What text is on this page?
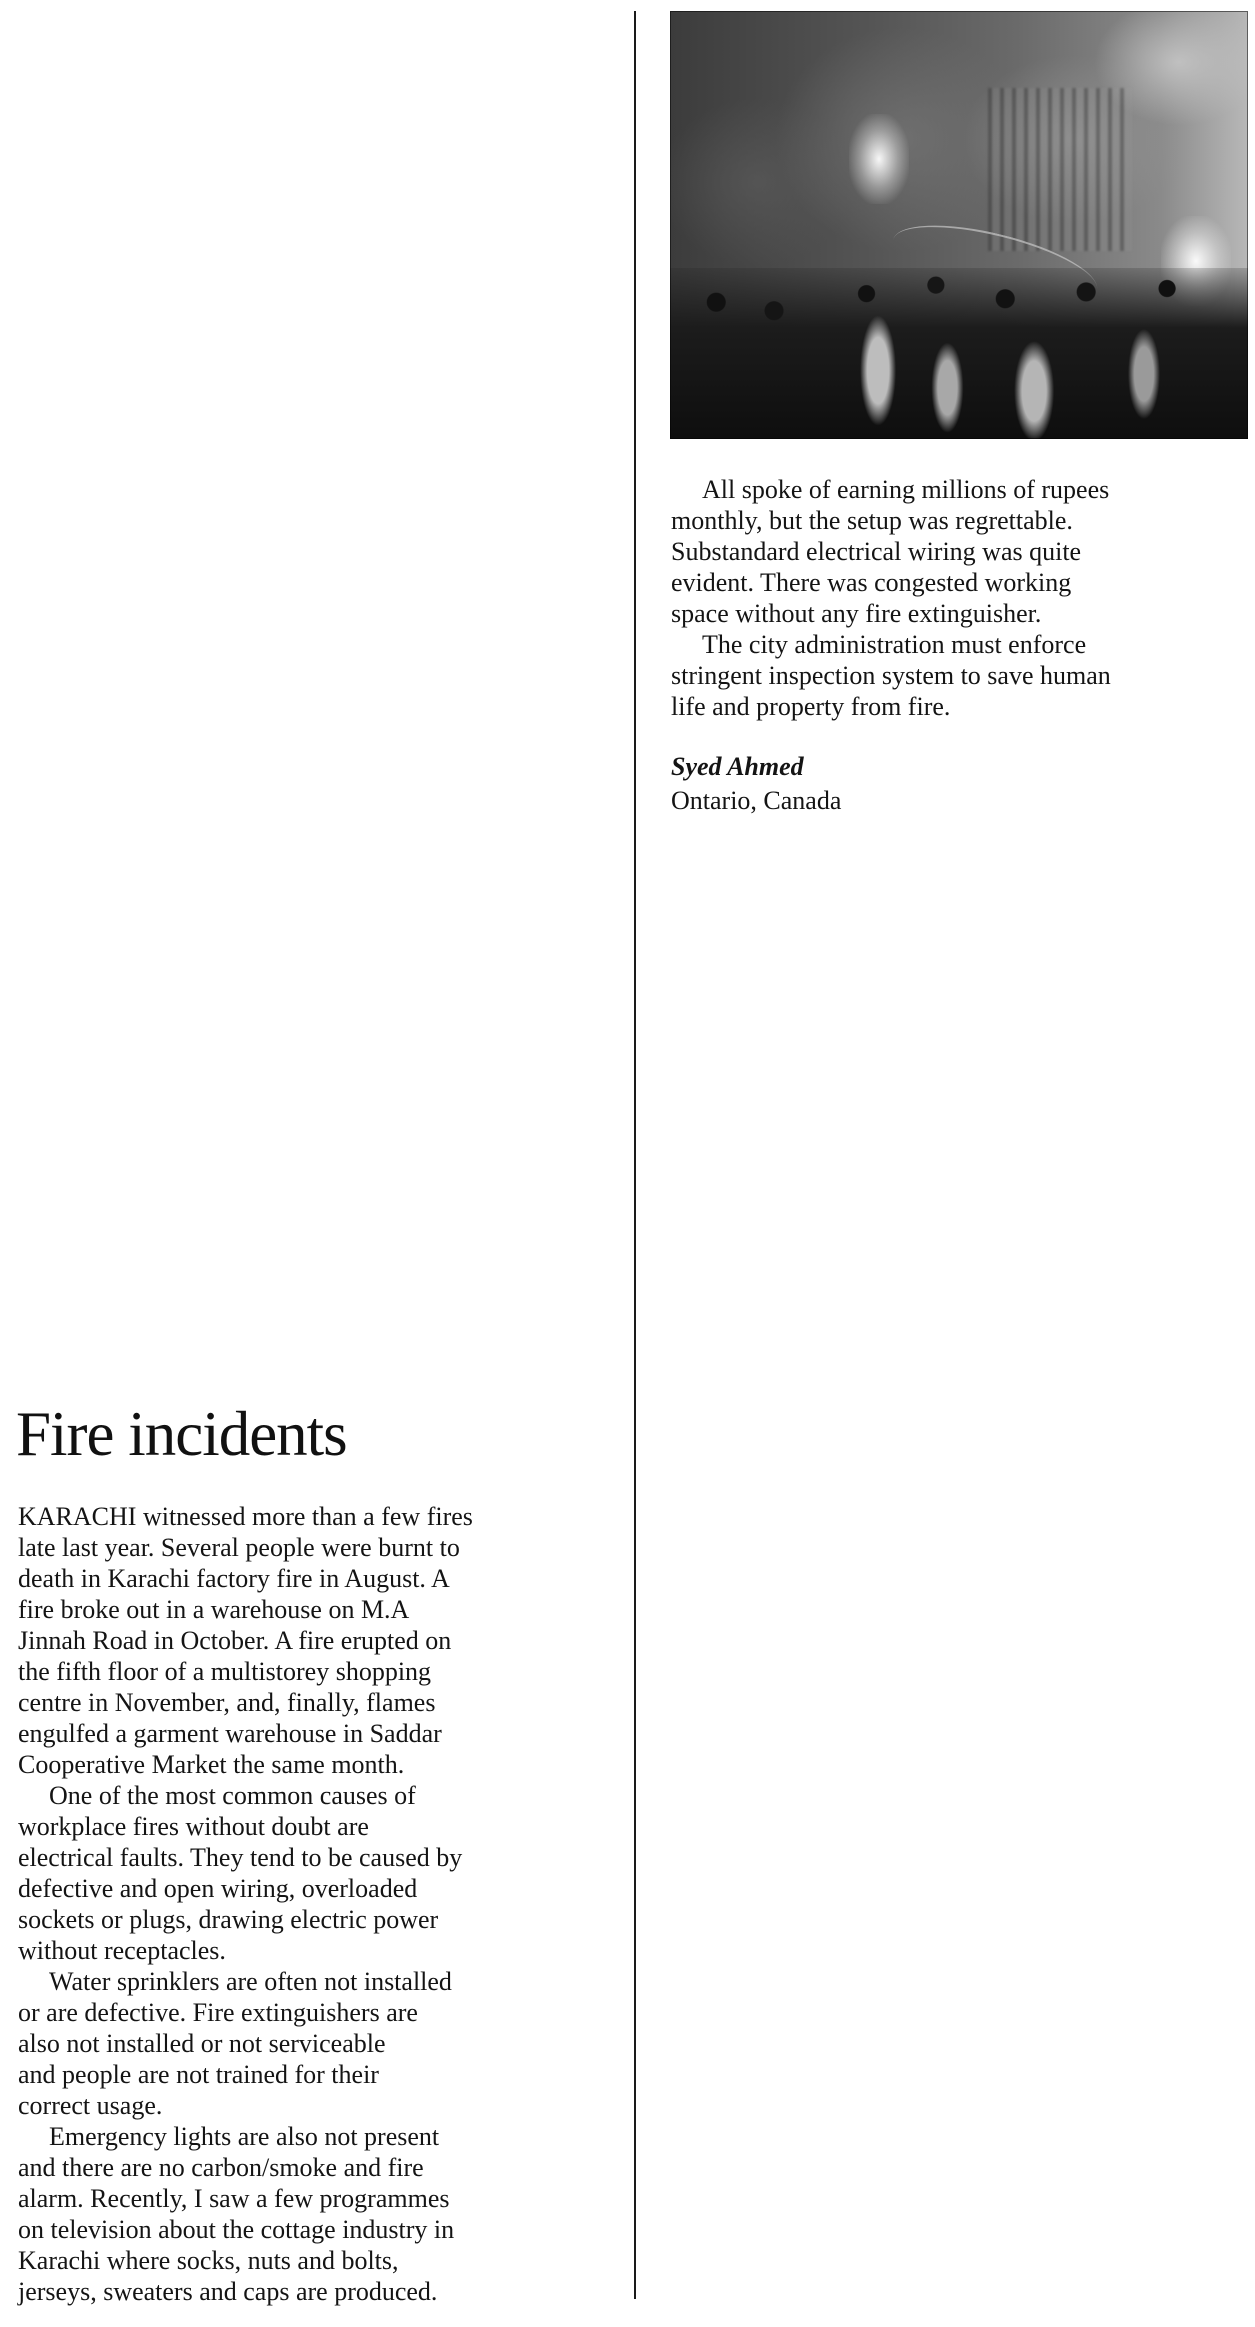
All spoke of earning millions of rupees
monthly, but the setup was regrettable.
Substandard electrical wiring was quite
evident. There was congested working
space without any fire extinguisher.

The city administration must enforce
stringent inspection system to save human
life and property from fire.

Syed Ahmed
Ontario, Canada
Fire incidents

KARACHI witnessed more than a few fires
late last year. Several people were burnt to
death in Karachi factory fire in August. A
fire broke out in a warehouse on M.A
Jinnah Road in October. A fire erupted on
the fifth floor of a multistorey shopping
centre in November, and, finally, flames
engulfed a garment warehouse in Saddar
Cooperative Market the same month.

One of the most common causes of
workplace fires without doubt are
electrical faults. They tend to be caused by
defective and open wiring, overloaded
sockets or plugs, drawing electric power
without receptacles.

Water sprinklers are often not installed
or are defective. Fire extinguishers are
also not installed or not serviceable
and people are not trained for their
correct usage.

Emergency lights are also not present
and there are no carbon/smoke and fire
alarm. Recently, I saw a few programmes
on television about the cottage industry in
Karachi where socks, nuts and bolts,
jerseys, sweaters and caps are produced.
